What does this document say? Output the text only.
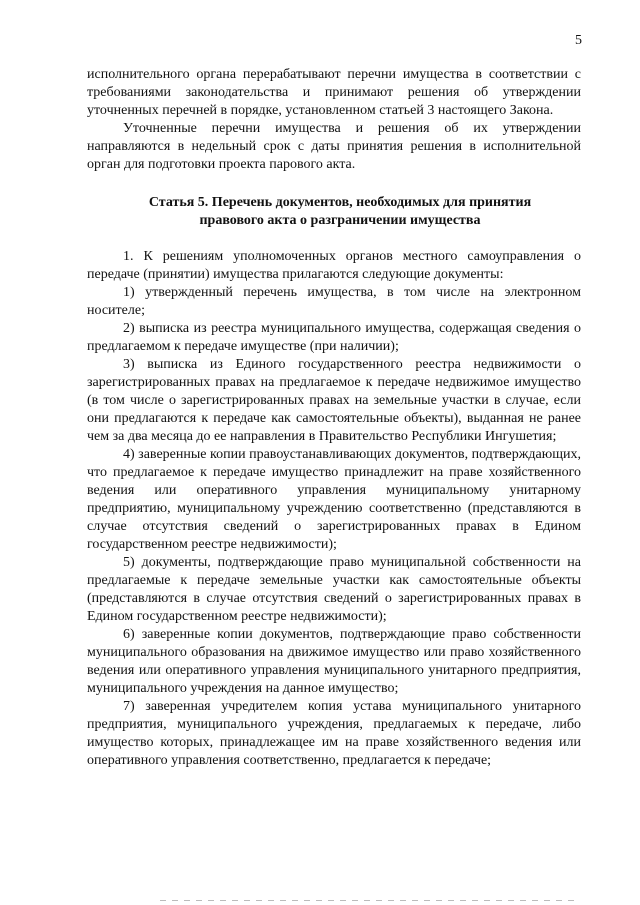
5

исполнительного органа перерабатывают перечни имущества в соответствии с требованиями законодательства и принимают решения об утверждении уточненных перечней в порядке, установленном статьей 3 настоящего Закона.

Уточненные перечни имущества и решения об их утверждении направляются в недельный срок с даты принятия решения в исполнительной орган для подготовки проекта парового акта.

Статья 5. Перечень документов, необходимых для принятия
правового акта о разграничении имущества

1. К решениям уполномоченных органов местного самоуправления о передаче (принятии) имущества прилагаются следующие документы:

1) утвержденный перечень имущества, в том числе на электронном носителе;

2) выписка из реестра муниципального имущества, содержащая сведения о предлагаемом к передаче имуществе (при наличии);

3) выписка из Единого государственного реестра недвижимости о зарегистрированных правах на предлагаемое к передаче недвижимое имущество (в том числе о зарегистрированных правах на земельные участки в случае, если они предлагаются к передаче как самостоятельные объекты), выданная не ранее чем за два месяца до ее направления в Правительство Республики Ингушетия;

4) заверенные копии правоустанавливающих документов, подтверждающих, что предлагаемое к передаче имущество принадлежит на праве хозяйственного ведения или оперативного управления муниципальному унитарному предприятию, муниципальному учреждению соответственно (представляются в случае отсутствия сведений о зарегистрированных правах в Едином государственном реестре недвижимости);

5) документы, подтверждающие право муниципальной собственности на предлагаемые к передаче земельные участки как самостоятельные объекты (представляются в случае отсутствия сведений о зарегистрированных правах в Едином государственном реестре недвижимости);

6) заверенные копии документов, подтверждающие право собственности муниципального образования на движимое имущество или право хозяйственного ведения или оперативного управления муниципального унитарного предприятия, муниципального учреждения на данное имущество;

7) заверенная учредителем копия устава муниципального унитарного предприятия, муниципального учреждения, предлагаемых к передаче, либо имущество которых, принадлежащее им на праве хозяйственного ведения или оперативного управления соответственно, предлагается к передаче;
